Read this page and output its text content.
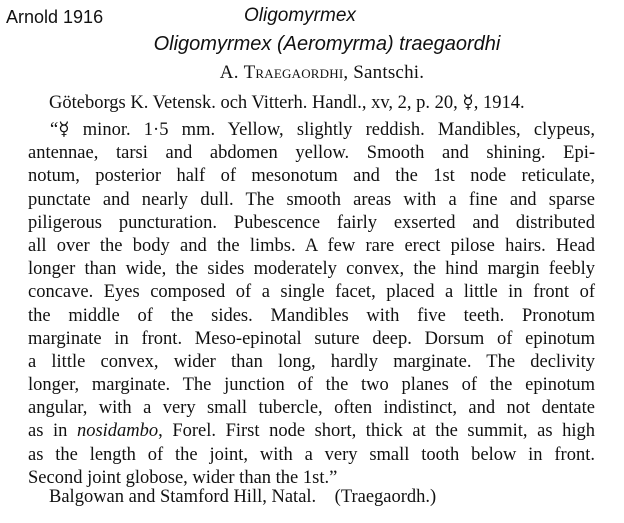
Arnold 1916	Oligomyrmex
Oligomyrmex (Aeromyrma) traegaordhi
A. Traegaordhi, Santschi.
Göteborgs K. Vetensk. och Vitterh. Handl., xv, 2, p. 20, ☿, 1914.
“☿ minor. 1·5 mm. Yellow, slightly reddish. Mandibles, clypeus,
antennae, tarsi and abdomen yellow. Smooth and shining. Epi-
notum, posterior half of mesonotum and the 1st node reticulate,
punctate and nearly dull. The smooth areas with a fine and sparse
piligerous puncturation. Pubescence fairly exserted and distributed
all over the body and the limbs. A few rare erect pilose hairs. Head
longer than wide, the sides moderately convex, the hind margin feebly
concave. Eyes composed of a single facet, placed a little in front of
the middle of the sides. Mandibles with five teeth. Pronotum
marginate in front. Meso-epinotal suture deep. Dorsum of epinotum
a little convex, wider than long, hardly marginate. The declivity
longer, marginate. The junction of the two planes of the epinotum
angular, with a very small tubercle, often indistinct, and not dentate
as in nosidambo, Forel. First node short, thick at the summit, as high
as the length of the joint, with a very small tooth below in front.
Second joint globose, wider than the 1st.”
Balgowan and Stamford Hill, Natal.    (Traegaordh.)
